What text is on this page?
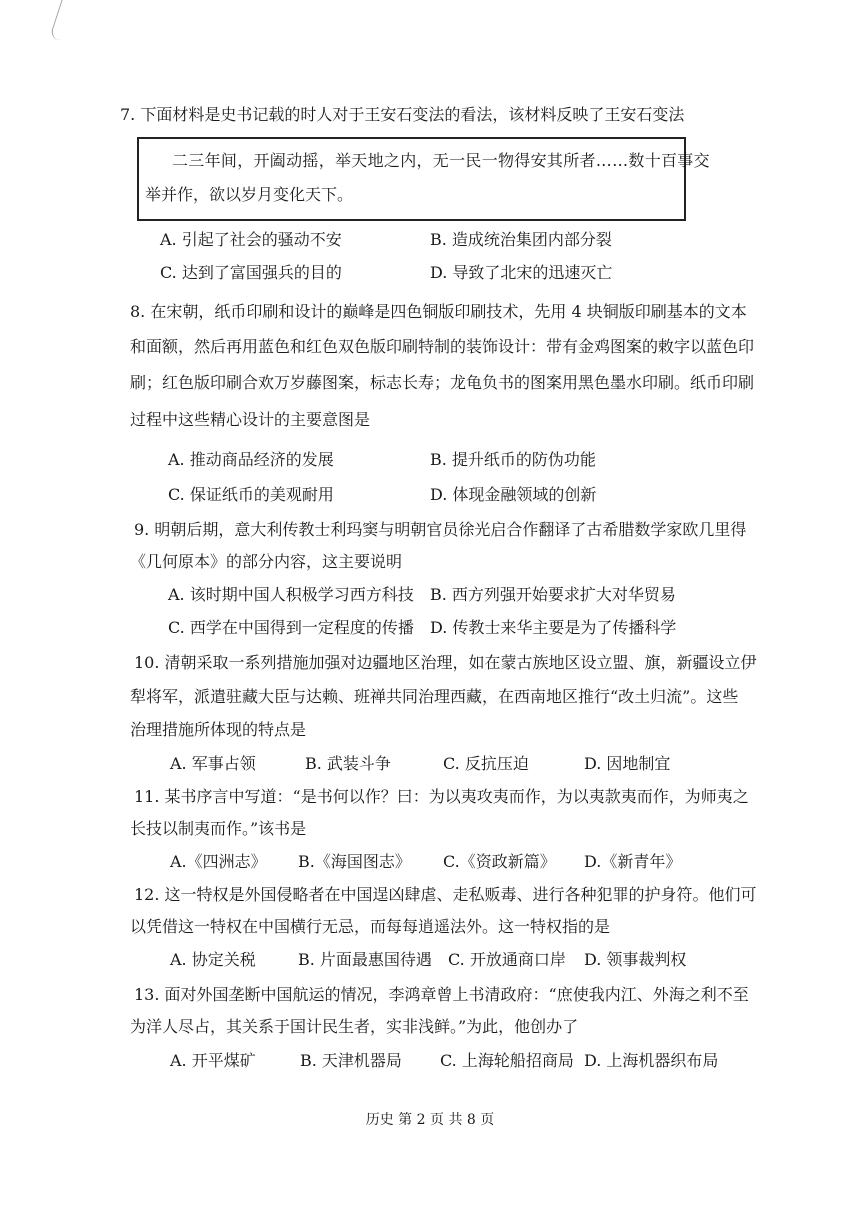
7. 下面材料是史书记载的时人对于王安石变法的看法，该材料反映了王安石变法
二三年间，开阖动摇，举天地之内，无一民一物得安其所者……数十百事交
举并作，欲以岁月变化天下。
A. 引起了社会的骚动不安	B. 造成统治集团内部分裂
C. 达到了富国强兵的目的	D. 导致了北宋的迅速灭亡
8. 在宋朝，纸币印刷和设计的巅峰是四色铜版印刷技术，先用 4 块铜版印刷基本的文本
和面额，然后再用蓝色和红色双色版印刷特制的装饰设计：带有金鸡图案的敕字以蓝色印
刷；红色版印刷合欢万岁藤图案，标志长寿；龙龟负书的图案用黑色墨水印刷。纸币印刷
过程中这些精心设计的主要意图是
A. 推动商品经济的发展	B. 提升纸币的防伪功能
C. 保证纸币的美观耐用	D. 体现金融领域的创新
9. 明朝后期，意大利传教士利玛窦与明朝官员徐光启合作翻译了古希腊数学家欧几里得
《几何原本》的部分内容，这主要说明
A. 该时期中国人积极学习西方科技 B. 西方列强开始要求扩大对华贸易
C. 西学在中国得到一定程度的传播 D. 传教士来华主要是为了传播科学
10. 清朝采取一系列措施加强对边疆地区治理，如在蒙古族地区设立盟、旗，新疆设立伊
犁将军，派遣驻藏大臣与达赖、班禅共同治理西藏，在西南地区推行“改土归流”。这些
治理措施所体现的特点是
A. 军事占领	B. 武装斗争	C. 反抗压迫	D. 因地制宜
11. 某书序言中写道：“是书何以作？曰：为以夷攻夷而作，为以夷款夷而作，为师夷之
长技以制夷而作。”该书是
A.《四洲志》 B.《海国图志》 C.《资政新篇》 D.《新青年》
12. 这一特权是外国侵略者在中国逞凶肆虐、走私贩毒、进行各种犯罪的护身符。他们可
以凭借这一特权在中国横行无忌，而每每逍遥法外。这一特权指的是
A. 协定关税	B. 片面最惠国待遇 C. 开放通商口岸 D. 领事裁判权
13. 面对外国垄断中国航运的情况，李鸿章曾上书清政府：“庶使我内江、外海之利不至
为洋人尽占，其关系于国计民生者，实非浅鲜。”为此，他创办了
A. 开平煤矿	B. 天津机器局 C. 上海轮船招商局 D. 上海机器织布局
历史 第 2 页 共 8 页
